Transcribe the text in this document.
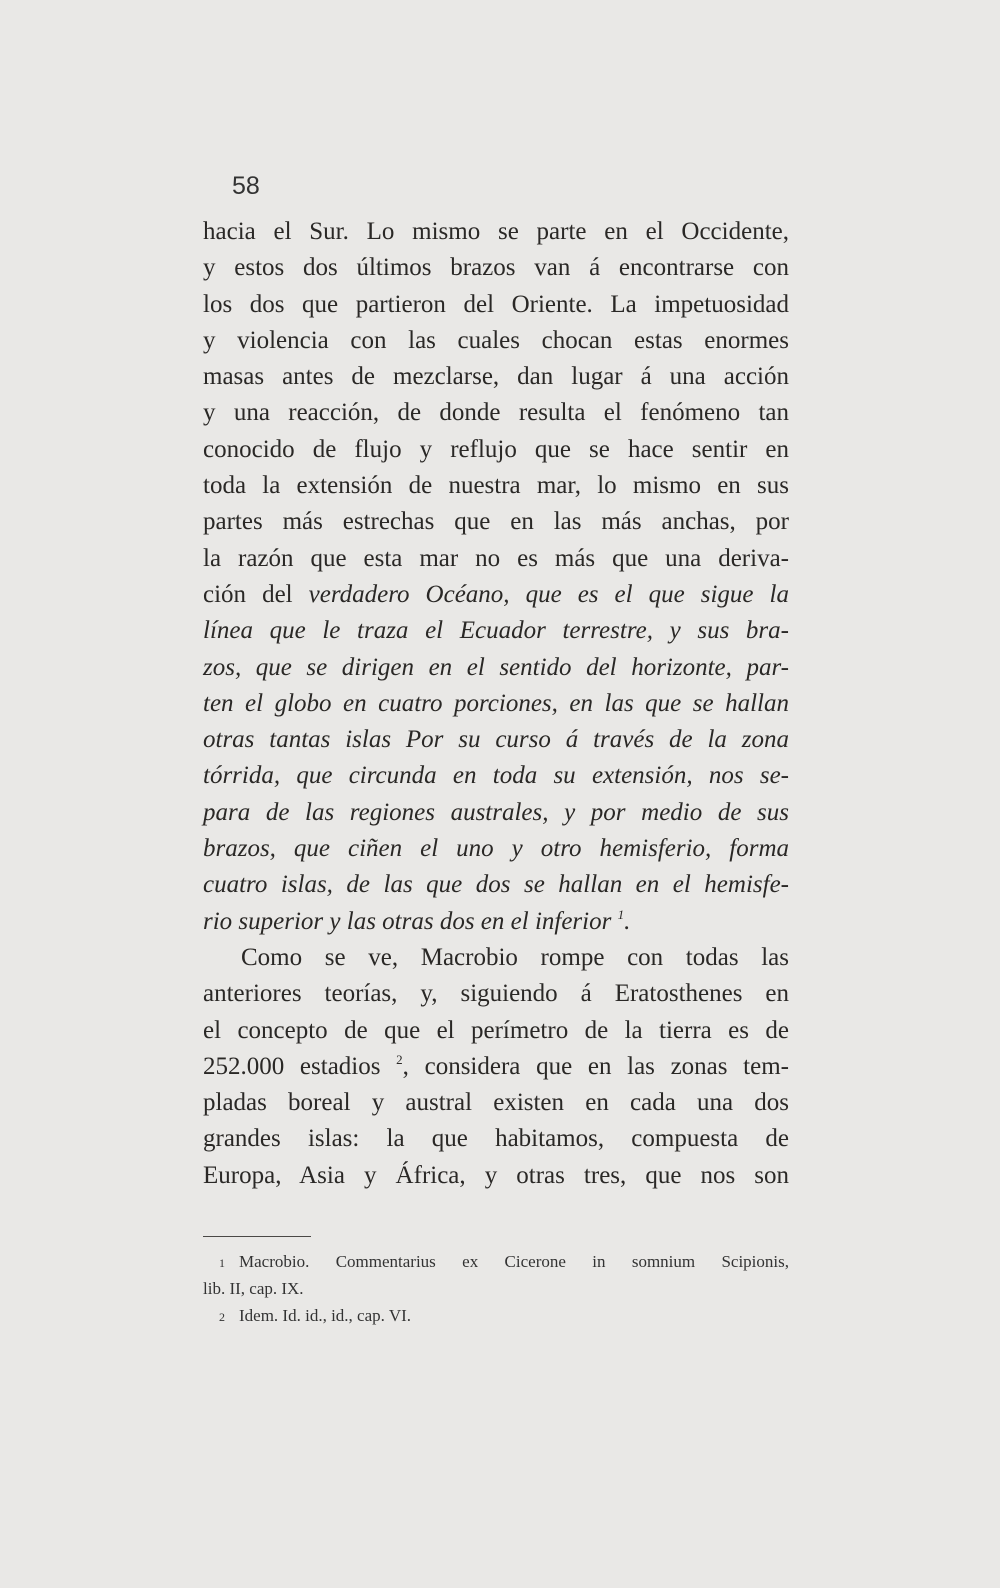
58
hacia el Sur. Lo mismo se parte en el Occidente,
y estos dos últimos brazos van á encontrarse con
los dos que partieron del Oriente. La impetuosidad
y violencia con las cuales chocan estas enormes
masas antes de mezclarse, dan lugar á una acción
y una reacción, de donde resulta el fenómeno tan
conocido de flujo y reflujo que se hace sentir en
toda la extensión de nuestra mar, lo mismo en sus
partes más estrechas que en las más anchas, por
la razón que esta mar no es más que una deriva-
ción del verdadero Océano, que es el que sigue la
línea que le traza el Ecuador terrestre, y sus bra-
zos, que se dirigen en el sentido del horizonte, par-
ten el globo en cuatro porciones, en las que se hallan
otras tantas islas Por su curso á través de la zona
tórrida, que circunda en toda su extensión, nos se-
para de las regiones australes, y por medio de sus
brazos, que ciñen el uno y otro hemisferio, forma
cuatro islas, de las que dos se hallan en el hemisfe-
rio superior y las otras dos en el inferior $^1$.
Como se ve, Macrobio rompe con todas las
anteriores teorías, y, siguiendo á Eratosthenes en
el concepto de que el perímetro de la tierra es de
252.000 estadios $^2$, considera que en las zonas tem-
pladas boreal y austral existen en cada una dos
grandes islas: la que habitamos, compuesta de
Europa, Asia y África, y otras tres, que nos son
1 Macrobio. Commentarius ex Cicerone in somnium Scipionis,
lib. II, cap. IX.
2 Idem. Id. id., id., cap. VI.
